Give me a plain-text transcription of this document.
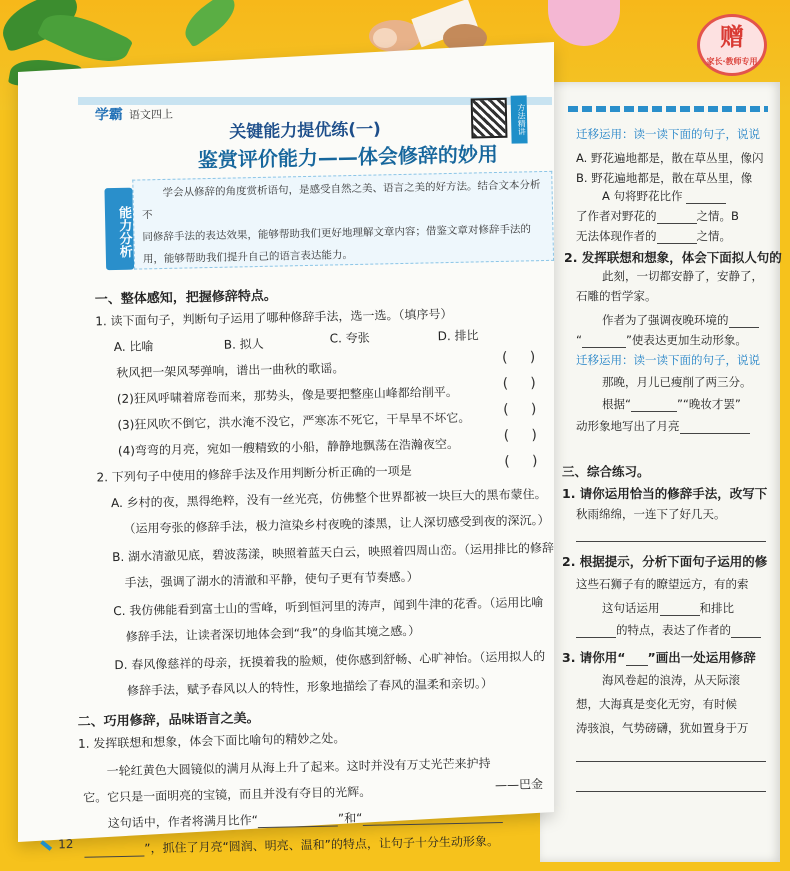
赠
家长·教师专用
迁移运用：读一读下面的句子，说说
A. 野花遍地都是，散在草丛里，像闪
B. 野花遍地都是，散在草丛里，像
A 句将野花比作
了作者对野花的	之情。B
无法体现作者的	之情。
2. 发挥联想和想象，体会下面拟人句的
此刻，一切都安静了，安静了，
石雕的哲学家。
作者为了强调夜晚环境的
“	”使表达更加生动形象。
迁移运用：读一读下面的句子，说说
那晚，月儿已瘦削了两三分。
根据“	”“晚妆才罢”
动形象地写出了月亮
三、综合练习。
1. 请你运用恰当的修辞手法，改写下
秋雨绵绵，一连下了好几天。
2. 根据提示，分析下面句子运用的修
这些石狮子有的瞭望远方，有的索
这句话运用	和排比
的特点，表达了作者的
3. 请你用“ ”画出一处运用修辞
海风卷起的浪涛，从天际滚
想，大海真是变化无穷，有时候
涛骇浪，气势磅礴，犹如置身于万
学霸 语文四上	方法精讲
关键能力提优练(一)
鉴赏评价能力——体会修辞的妙用
能力分析
学会从修辞的角度赏析语句，是感受自然之美、语言之美的好方法。结合文本分析不
同修辞手法的表达效果，能够帮助我们更好地理解文章内容；借鉴文章对修辞手法的
用，能够帮助我们提升自己的语言表达能力。
一、整体感知，把握修辞特点。
1. 读下面句子，判断句子运用了哪种修辞手法，选一选。（填序号）
A. 比喻	B. 拟人	C. 夸张	D. 排比
秋风把一架风琴弹响，谱出一曲秋的歌谣。
(     )
(2)狂风呼啸着席卷而来，那势头，像是要把整座山峰都给削平。
(     )
(3)狂风吹不倒它，洪水淹不没它，严寒冻不死它，干旱旱不坏它。
(     )
(4)弯弯的月亮，宛如一艘精致的小船，静静地飘荡在浩瀚夜空。
(     )
2. 下列句子中使用的修辞手法及作用判断分析正确的一项是
(     )
A. 乡村的夜，黑得绝粹，没有一丝光亮，仿佛整个世界都被一块巨大的黑布蒙住。
（运用夸张的修辞手法，极力渲染乡村夜晚的漆黑，让人深切感受到夜的深沉。）
B. 湖水清澈见底，碧波荡漾，映照着蓝天白云，映照着四周山峦。（运用排比的修辞
手法，强调了湖水的清澈和平静，使句子更有节奏感。）
C. 我仿佛能看到富士山的雪峰，听到恒河里的涛声，闻到牛津的花香。（运用比喻
修辞手法，让读者深切地体会到“我”的身临其境之感。）
D. 春风像慈祥的母亲，抚摸着我的脸颊，使你感到舒畅、心旷神怡。（运用拟人的
修辞手法，赋予春风以人的特性，形象地描绘了春风的温柔和亲切。）
二、巧用修辞，品味语言之美。
1. 发挥联想和想象，体会下面比喻句的精妙之处。
一轮红黄色大圆镜似的满月从海上升了起来。这时并没有万丈光芒来护持
它。它只是一面明亮的宝镜，而且并没有夺目的光辉。
——巴金
这句话中，作者将满月比作“	”和“
”，抓住了月亮“圆润、明亮、温和”的特点，让句子十分生动形象。
12
